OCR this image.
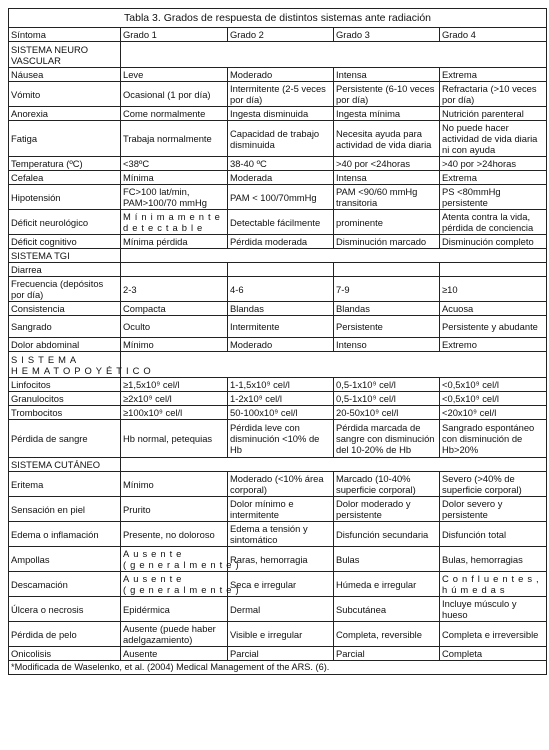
Tabla 3. Grados de respuesta de distintos sistemas ante radiación				
Síntoma	Grado 1	Grado 2	Grado 3	Grado 4
SISTEMA NEURO VASCULAR				
Náusea	Leve	Moderado	Intensa	Extrema
Vómito	Ocasional (1 por día)	Intermitente (2-5 veces por día)	Persistente (6-10 veces por día)	Refractaria (>10 veces por día)
Anorexia	Come normalmente	Ingesta disminuida	Ingesta mínima	Nutrición parenteral
Fatiga	Trabaja normalmente	Capacidad de trabajo disminuida	Necesita ayuda para actividad de vida diaria	No puede hacer actividad de vida diaria ni con ayuda
Temperatura (ºC)	<38ºC	38-40 ºC	>40 por <24horas	>40 por >24horas
Cefalea	Mínima	Moderada	Intensa	Extrema
Hipotensión	FC>100 lat/min, PAM>100/70 mmHg	PAM < 100/70mmHg	PAM <90/60 mmHg transitoria	PS <80mmHg persistente
Déficit neurológico	Mínimamente detectable	Detectable fácilmente	prominente	Atenta contra la vida, pérdida de conciencia
Déficit cognitivo	Mínima pérdida	Pérdida moderada	Disminución marcado	Disminución completo
SISTEMA TGI				
Diarrea				
Frecuencia (depósitos por día)	2-3	4-6	7-9	≥10
Consistencia	Compacta	Blandas	Blandas	Acuosa
Sangrado	Oculto	Intermitente	Persistente	Persistente y abudante
Dolor abdominal	Mínimo	Moderado	Intenso	Extremo
SISTEMA HEMATOPOYÉTICO				
Linfocitos	≥1,5x10⁹ cel/l	1-1,5x10⁹ cel/l	0,5-1x10⁹ cel/l	<0,5x10⁹ cel/l
Granulocitos	≥2x10⁹ cel/l	1-2x10⁹ cel/l	0,5-1x10⁹ cel/l	<0,5x10⁹ cel/l
Trombocitos	≥100x10⁹ cel/l	50-100x10⁹ cel/l	20-50x10⁹ cel/l	<20x10⁹ cel/l
Pérdida de sangre	Hb normal, petequias	Pérdida leve con disminución <10% de Hb	Pérdida marcada de sangre con disminución del 10-20% de Hb	Sangrado espontáneo con disminución de Hb>20%
SISTEMA CUTÁNEO				
Eritema	Mínimo	Moderado (<10% área corporal)	Marcado (10-40% superficie corporal)	Severo (>40% de superficie corporal)
Sensación en piel	Prurito	Dolor mínimo e intermitente	Dolor moderado y persistente	Dolor severo y persistente
Edema o inflamación	Presente, no doloroso	Edema a tensión y sintomático	Disfunción secundaria	Disfunción total
Ampollas	Ausente (generalmente)	Raras, hemorragia	Bulas	Bulas, hemorragias
Descamación	Ausente (generalmente)	Seca e irregular	Húmeda e irregular	Confluentes, húmedas
Úlcera o necrosis	Epidérmica	Dermal	Subcutánea	Incluye músculo y hueso
Pérdida de pelo	Ausente (puede haber adelgazamiento)	Visible e irregular	Completa, reversible	Completa e irreversible
Onicolisis	Ausente	Parcial	Parcial	Completa
*Modificada de Waselenko, et al. (2004) Medical Management of the ARS. (6).				
